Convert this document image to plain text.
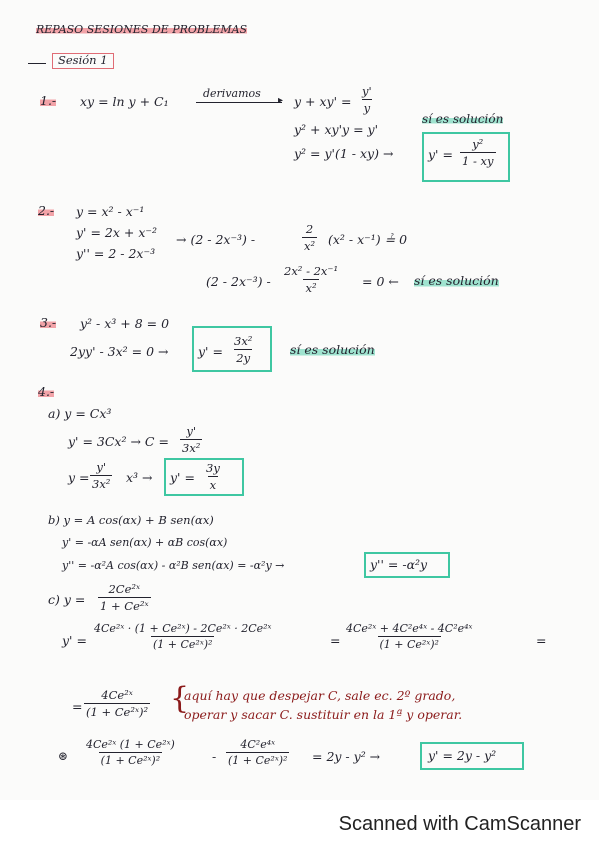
REPASO SESIONES DE PROBLEMAS
Sesión 1
1.- xy = ln y + C₁
derivamos
▸ $y + xy' = \frac{y'}{y}$
y² + xy'y = y'
y² = y'(1 - xy) →	$y' = \frac{\text{y²}}{1 - xy}$
sí es solución
2.- y = x² - x⁻¹
y' = 2x + x⁻²
y'' = 2 - 2x⁻³
→ (2 - 2x⁻³) -	$\frac{2}{\text{x²}} (x^2 - x^{-1})$ ≟ 0
$(2 - 2x^{-3}) - \frac{\text{2x² - 2x⁻¹}}{\text{x²}} = 0$ ← sí es solución
3.- y² - x³ + 8 = 0
$2yy' - 3x^2 = 0 \to y' = \frac{\text{3x²}}{2y}$	sí es solución
4.-
a) y = Cx³
$y' = 3Cx^2 \to C = \frac{y'}{\text{3x²}}$
$y = \frac{y'}{\text{3x²}} x^3 \to y' = \frac{3y}{x}$
b) y = A cos(αx) + B sen(αx)
y' = -αA sen(αx) + αB cos(αx)
y'' = -α²A cos(αx) - α²B sen(αx) = -α²y →	y'' = -α²y
c) $y = \frac{\text{2Ce²ˣ}}{\text{1 + Ce²ˣ}}$
$y' = \frac{\text{4Ce²ˣ · (1 + Ce²ˣ) - 2Ce²ˣ · 2Ce²ˣ}}{\text{(1 + Ce²ˣ)²}}$	= $\frac{\text{4Ce²ˣ + 4C²e⁴ˣ - 4C²e⁴ˣ}}{\text{(1 + Ce²ˣ)²}}$	=
= $\frac{\text{4Ce²ˣ}}{\text{(1 + Ce²ˣ)²}}$ {
aquí hay que despejar C, sale ec. 2º grado,
operar y sacar C. sustituir en la 1ª y operar.
⊛ $\frac{\text{4Ce²ˣ (1 + Ce²ˣ)}}{\text{(1 + Ce²ˣ)²}}$	- $\frac{\text{4C²e⁴ˣ}}{\text{(1 + Ce²ˣ)²}} = 2y - y^2$ →	y' = 2y - y²
Scanned with CamScanner
